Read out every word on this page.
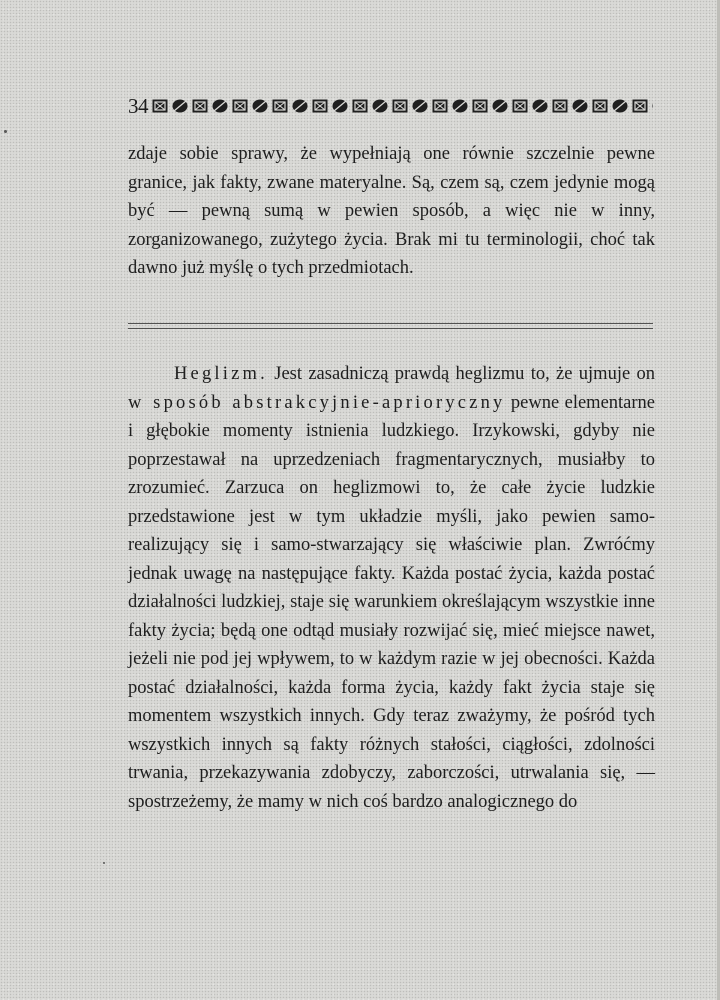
34

zdaje sobie sprawy, że wypełniają one równie szczelnie pewne granice, jak fakty, zwane materyalne. Są, czem są, czem jedynie mogą być — pewną sumą w pewien sposób, a więc nie w inny, zorganizowanego, zużytego życia. Brak mi tu terminologii, choć tak dawno już myślę o tych przedmiotach.

Heglizm. Jest zasadniczą prawdą heglizmu to, że ujmuje on w sposób abstrakcyjnie-aprioryczny pewne elementarne i głębokie momenty istnienia ludzkiego. Irzykowski, gdyby nie poprzestawał na uprzedzeniach fragmentarycznych, musiałby to zrozumieć. Zarzuca on heglizmowi to, że całe życie ludzkie przedstawione jest w tym układzie myśli, jako pewien samo-realizujący się i samo-stwarzający się właściwie plan. Zwróćmy jednak uwagę na następujące fakty. Każda postać życia, każda postać działalności ludzkiej, staje się warunkiem określającym wszystkie inne fakty życia; będą one odtąd musiały rozwijać się, mieć miejsce nawet, jeżeli nie pod jej wpływem, to w każdym razie w jej obecności. Każda postać działalności, każda forma życia, każdy fakt życia staje się momentem wszystkich innych. Gdy teraz zważymy, że pośród tych wszystkich innych są fakty różnych stałości, ciągłości, zdolności trwania, przekazywania zdobyczy, zaborczości, utrwalania się, — spostrzeżemy, że mamy w nich coś bardzo analogicznego do
